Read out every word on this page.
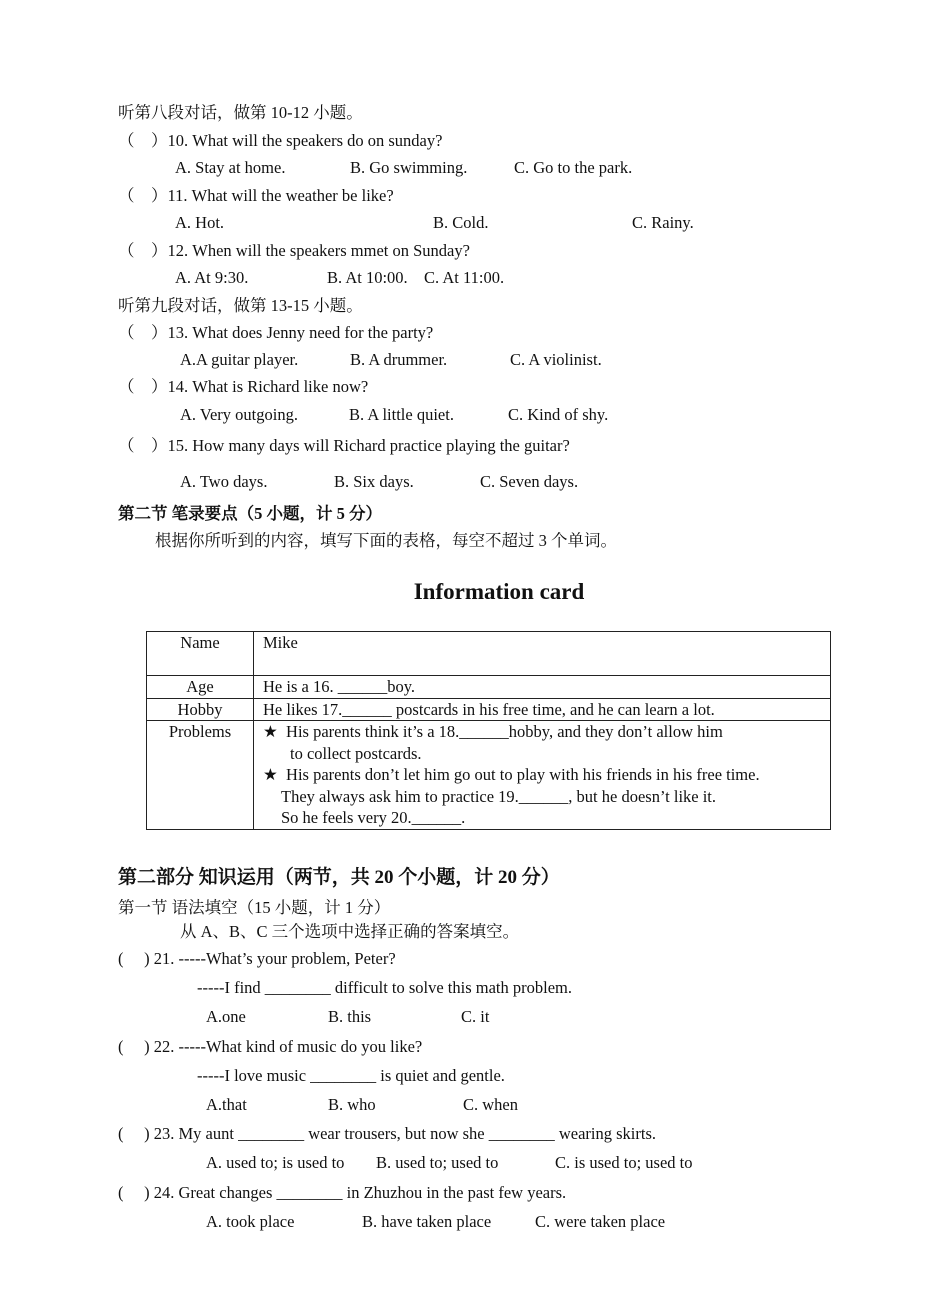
听第八段对话，做第 10-12 小题。
（    ）10. What will the speakers do on sunday?
A. Stay at home.	B. Go swimming.	C. Go to the park.
（    ）11. What will the weather be like?
A. Hot.	B. Cold.	C. Rainy.
（    ）12. When will the speakers mmet on Sunday?
A. At 9:30.	B. At 10:00. C. At 11:00.
听第九段对话，做第 13-15 小题。
（    ）13. What does Jenny need for the party?
A.A guitar player.	B. A drummer.	C. A violinist.
（    ）14. What is Richard like now?
A. Very outgoing.	B. A little quiet.	C. Kind of shy.
（    ）15. How many days will Richard practice playing the guitar?
A. Two days.	B. Six days.	C. Seven days.
第二节 笔录要点（5 小题，计 5 分）
根据你所听到的内容，填写下面的表格，每空不超过 3 个单词。
Information card
Name	Mike
Age	He is a 16. ______boy.
Hobby	He likes 17.______ postcards in his free time, and he can learn a lot.
Problems	★  His parents think it’s a 18.______hobby, and they don’t allow him
to collect postcards.
★  His parents don’t let him go out to play with his friends in his free time.
They always ask him to practice 19.______, but he doesn’t like it.
So he feels very 20.______.
第二部分 知识运用（两节，共 20 个小题，计 20 分）
第一节 语法填空（15 小题，计 1 分）
从 A、B、C 三个选项中选择正确的答案填空。
(     ) 21. -----What’s your problem, Peter?
-----I find ________ difficult to solve this math problem.
A.one	B. this	C. it
(     ) 22. -----What kind of music do you like?
-----I love music ________ is quiet and gentle.
A.that	B. who	C. when
(     ) 23. My aunt ________ wear trousers, but now she ________ wearing skirts.
A. used to; is used to B. used to; used to	C. is used to; used to
(     ) 24. Great changes ________ in Zhuzhou in the past few years.
A. took place	B. have taken place	C. were taken place
